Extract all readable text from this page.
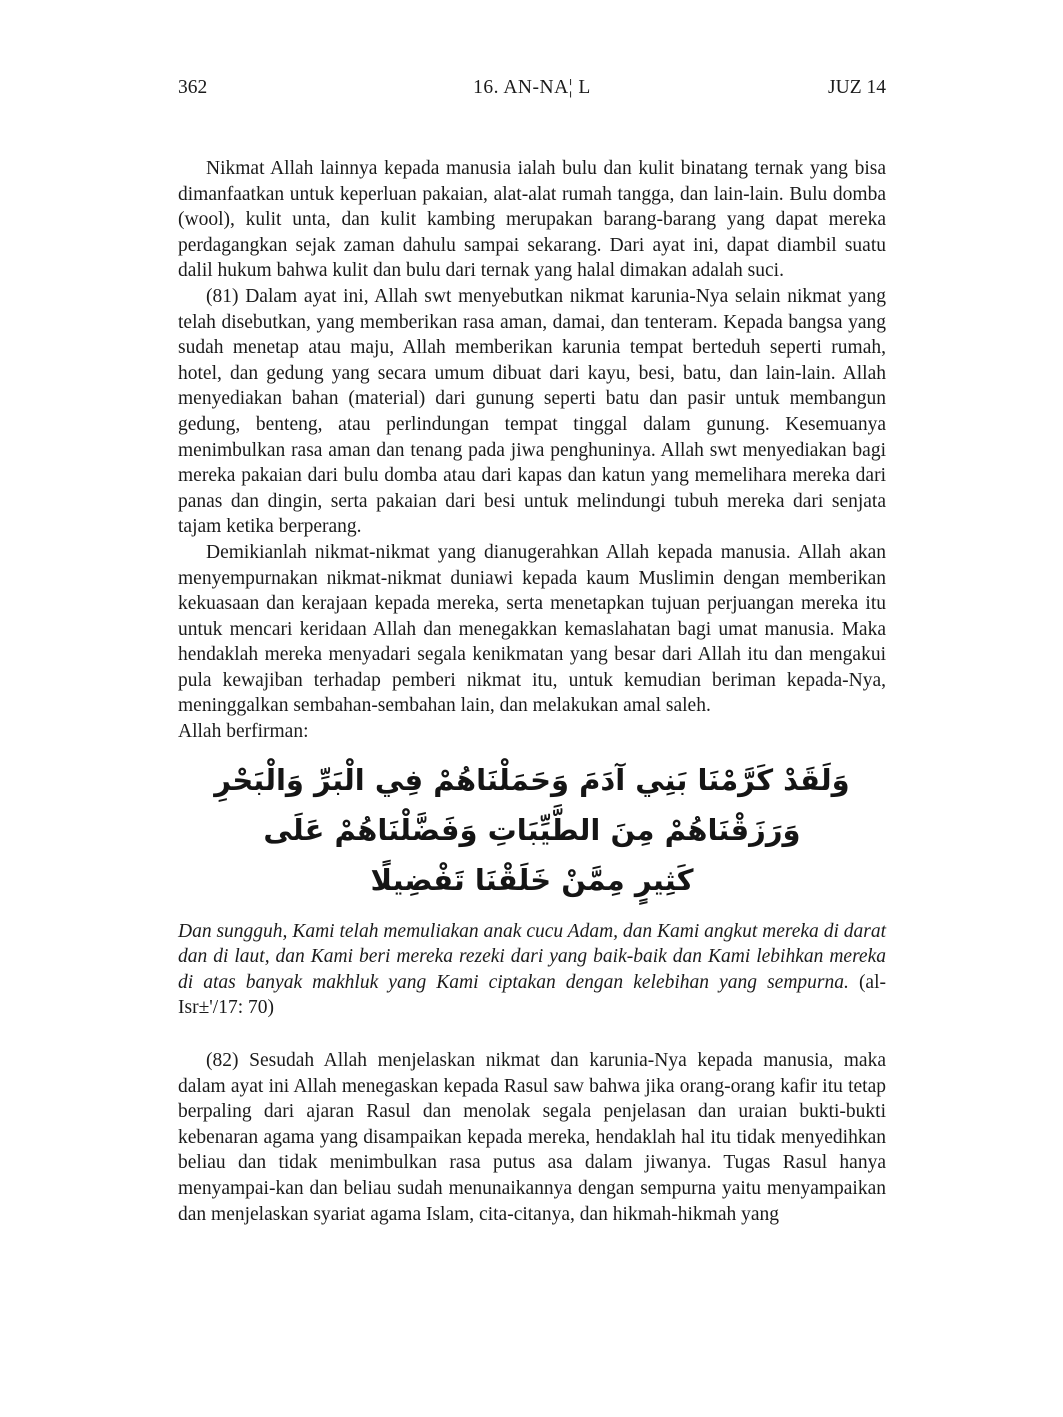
362	16. AN-NA¦ L	JUZ 14

Nikmat Allah lainnya kepada manusia ialah bulu dan kulit binatang ternak yang bisa dimanfaatkan untuk keperluan pakaian, alat-alat rumah tangga, dan lain-lain. Bulu domba (wool), kulit unta, dan kulit kambing merupakan barang-barang yang dapat mereka perdagangkan sejak zaman dahulu sampai sekarang. Dari ayat ini, dapat diambil suatu dalil hukum bahwa kulit dan bulu dari ternak yang halal dimakan adalah suci.

(81) Dalam ayat ini, Allah swt menyebutkan nikmat karunia-Nya selain nikmat yang telah disebutkan, yang memberikan rasa aman, damai, dan tenteram. Kepada bangsa yang sudah menetap atau maju, Allah memberikan karunia tempat berteduh seperti rumah, hotel, dan gedung yang secara umum dibuat dari kayu, besi, batu, dan lain-lain. Allah menyediakan bahan (material) dari gunung seperti batu dan pasir untuk membangun gedung, benteng, atau perlindungan tempat tinggal dalam gunung. Kesemuanya menimbulkan rasa aman dan tenang pada jiwa penghuninya. Allah swt menyediakan bagi mereka pakaian dari bulu domba atau dari kapas dan katun yang memelihara mereka dari panas dan dingin, serta pakaian dari besi untuk melindungi tubuh mereka dari senjata tajam ketika berperang.

Demikianlah nikmat-nikmat yang dianugerahkan Allah kepada manusia. Allah akan menyempurnakan nikmat-nikmat duniawi kepada kaum Muslimin dengan memberikan kekuasaan dan kerajaan kepada mereka, serta menetapkan tujuan perjuangan mereka itu untuk mencari keridaan Allah dan menegakkan kemaslahatan bagi umat manusia. Maka hendaklah mereka menyadari segala kenikmatan yang besar dari Allah itu dan mengakui pula kewajiban terhadap pemberi nikmat itu, untuk kemudian beriman kepada-Nya, meninggalkan sembahan-sembahan lain, dan melakukan amal saleh.

Allah berfirman:

وَلَقَدْ كَرَّمْنَا بَنِي آدَمَ وَحَمَلْنَاهُمْ فِي الْبَرِّ وَالْبَحْرِ وَرَزَقْنَاهُمْ مِنَ الطَّيِّبَاتِ وَفَضَّلْنَاهُمْ عَلَى
كَثِيرٍ مِمَّنْ خَلَقْنَا تَفْضِيلًا

Dan sungguh, Kami telah memuliakan anak cucu Adam, dan Kami angkut mereka di darat dan di laut, dan Kami beri mereka rezeki dari yang baik-baik dan Kami lebihkan mereka di atas banyak makhluk yang Kami ciptakan dengan kelebihan yang sempurna. (al-Isr±'/17: 70)

(82) Sesudah Allah menjelaskan nikmat dan karunia-Nya kepada manusia, maka dalam ayat ini Allah menegaskan kepada Rasul saw bahwa jika orang-orang kafir itu tetap berpaling dari ajaran Rasul dan menolak segala penjelasan dan uraian bukti-bukti kebenaran agama yang disampaikan kepada mereka, hendaklah hal itu tidak menyedihkan beliau dan tidak menimbulkan rasa putus asa dalam jiwanya. Tugas Rasul hanya menyampai-kan dan beliau sudah menunaikannya dengan sempurna yaitu menyampaikan dan menjelaskan syariat agama Islam, cita-citanya, dan hikmah-hikmah yang
